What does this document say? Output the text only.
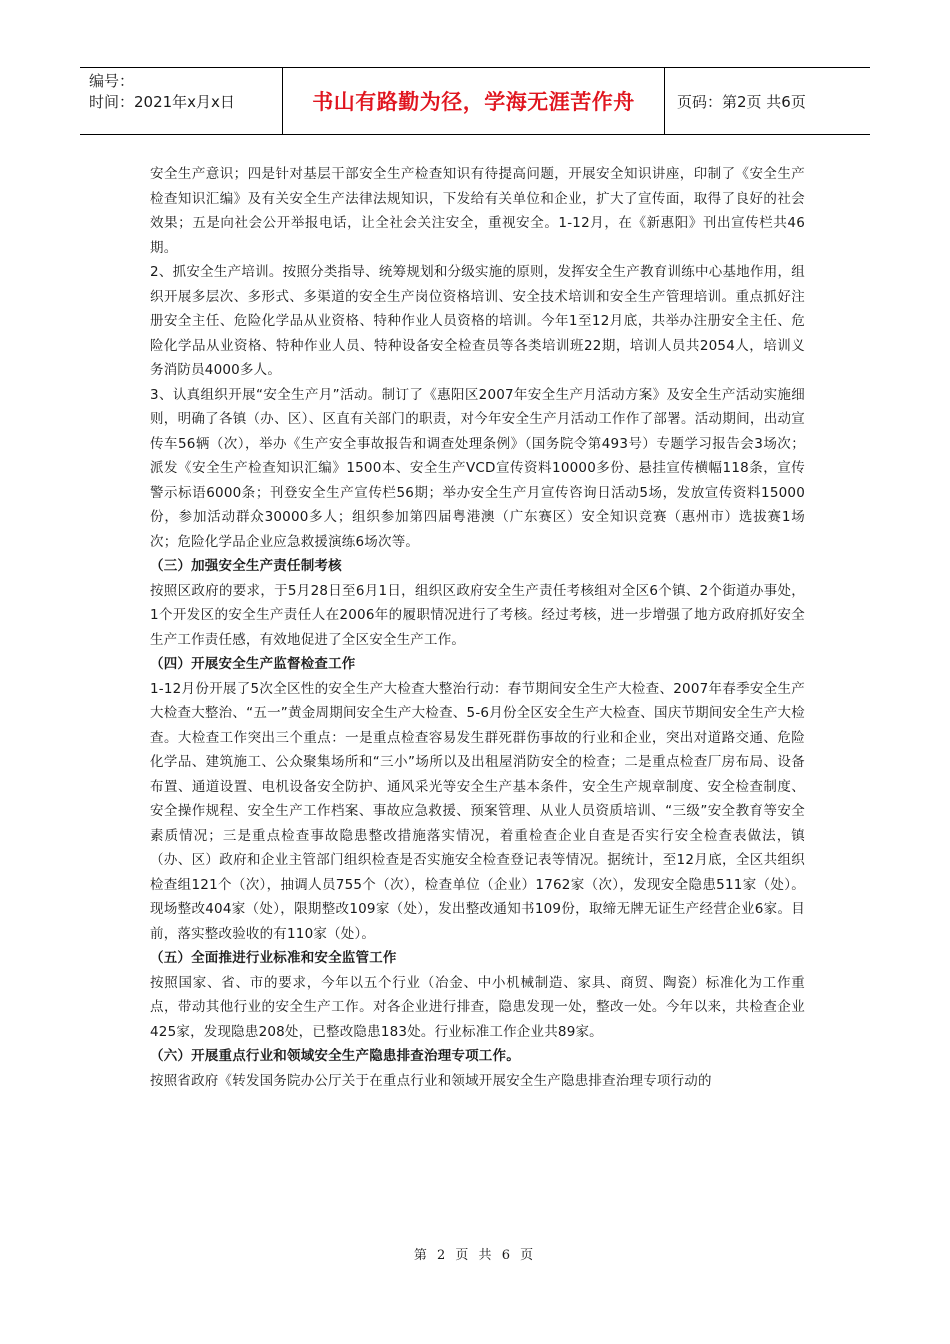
编号：
时间：2021年x月x日	书山有路勤为径，学海无涯苦作舟	页码：第2页 共6页

安全生产意识；四是针对基层干部安全生产检查知识有待提高问题，开展安全知识讲座，印制了《安全生产检查知识汇编》及有关安全生产法律法规知识，下发给有关单位和企业，扩大了宣传面，取得了良好的社会效果；五是向社会公开举报电话，让全社会关注安全，重视安全。1-12月，在《新惠阳》刊出宣传栏共46期。

2、抓安全生产培训。按照分类指导、统筹规划和分级实施的原则，发挥安全生产教育训练中心基地作用，组织开展多层次、多形式、多渠道的安全生产岗位资格培训、安全技术培训和安全生产管理培训。重点抓好注册安全主任、危险化学品从业资格、特种作业人员资格的培训。今年1至12月底，共举办注册安全主任、危险化学品从业资格、特种作业人员、特种设备安全检查员等各类培训班22期，培训人员共2054人，培训义务消防员4000多人。

3、认真组织开展“安全生产月”活动。制订了《惠阳区2007年安全生产月活动方案》及安全生产活动实施细则，明确了各镇（办、区）、区直有关部门的职责，对今年安全生产月活动工作作了部署。活动期间，出动宣传车56辆（次），举办《生产安全事故报告和调查处理条例》（国务院令第493号）专题学习报告会3场次；派发《安全生产检查知识汇编》1500本、安全生产VCD宣传资料10000多份、悬挂宣传横幅118条，宣传警示标语6000条；刊登安全生产宣传栏56期；举办安全生产月宣传咨询日活动5场，发放宣传资料15000份，参加活动群众30000多人；组织参加第四届粤港澳（广东赛区）安全知识竞赛（惠州市）选拔赛1场次；危险化学品企业应急救援演练6场次等。

（三）加强安全生产责任制考核

按照区政府的要求，于5月28日至6月1日，组织区政府安全生产责任考核组对全区6个镇、2个街道办事处，1个开发区的安全生产责任人在2006年的履职情况进行了考核。经过考核，进一步增强了地方政府抓好安全生产工作责任感，有效地促进了全区安全生产工作。

（四）开展安全生产监督检查工作

1-12月份开展了5次全区性的安全生产大检查大整治行动：春节期间安全生产大检查、2007年春季安全生产大检查大整治、“五一”黄金周期间安全生产大检查、5-6月份全区安全生产大检查、国庆节期间安全生产大检查。大检查工作突出三个重点：一是重点检查容易发生群死群伤事故的行业和企业，突出对道路交通、危险化学品、建筑施工、公众聚集场所和“三小”场所以及出租屋消防安全的检查；二是重点检查厂房布局、设备布置、通道设置、电机设备安全防护、通风采光等安全生产基本条件，安全生产规章制度、安全检查制度、安全操作规程、安全生产工作档案、事故应急救援、预案管理、从业人员资质培训、“三级”安全教育等安全素质情况；三是重点检查事故隐患整改措施落实情况，着重检查企业自查是否实行安全检查表做法，镇（办、区）政府和企业主管部门组织检查是否实施安全检查登记表等情况。据统计，至12月底，全区共组织检查组121个（次），抽调人员755个（次），检查单位（企业）1762家（次），发现安全隐患511家（处）。现场整改404家（处），限期整改109家（处），发出整改通知书109份，取缔无牌无证生产经营企业6家。目前，落实整改验收的有110家（处）。

（五）全面推进行业标准和安全监管工作

按照国家、省、市的要求，今年以五个行业（冶金、中小机械制造、家具、商贸、陶瓷）标准化为工作重点，带动其他行业的安全生产工作。对各企业进行排查，隐患发现一处，整改一处。今年以来，共检查企业425家，发现隐患208处，已整改隐患183处。行业标准工作企业共89家。

（六）开展重点行业和领域安全生产隐患排查治理专项工作。

按照省政府《转发国务院办公厅关于在重点行业和领域开展安全生产隐患排查治理专项行动的

第 2 页 共 6 页
